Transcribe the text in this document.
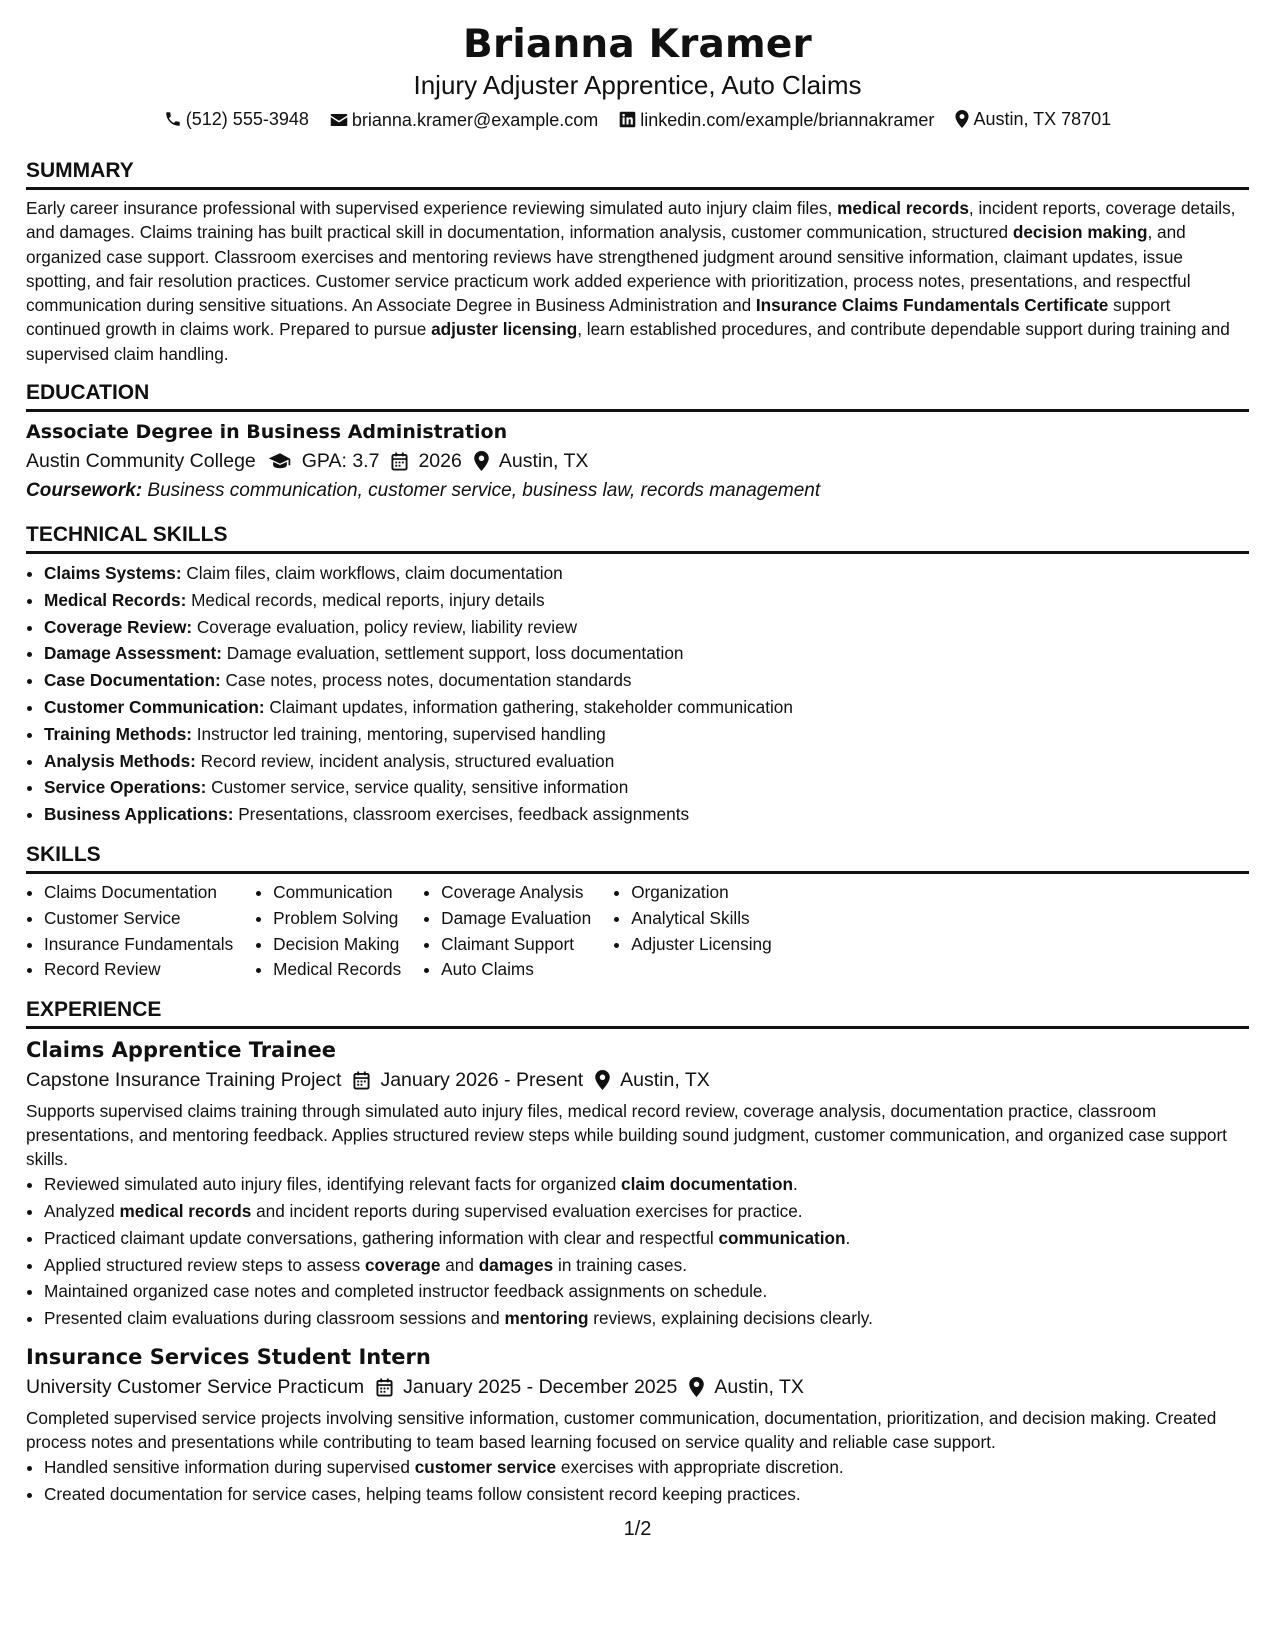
Brianna Kramer
Injury Adjuster Apprentice, Auto Claims
(512) 555-3948
brianna.kramer@example.com
linkedin.com/example/briannakramer
Austin, TX 78701
SUMMARY

Early career insurance professional with supervised experience reviewing simulated auto injury claim files, medical records, incident reports, coverage details, and damages. Claims training has built practical skill in documentation, information analysis, customer communication, structured decision making, and organized case support. Classroom exercises and mentoring reviews have strengthened judgment around sensitive information, claimant updates, issue spotting, and fair resolution practices. Customer service practicum work added experience with prioritization, process notes, presentations, and respectful communication during sensitive situations. An Associate Degree in Business Administration and Insurance Claims Fundamentals Certificate support continued growth in claims work. Prepared to pursue adjuster licensing, learn established procedures, and contribute dependable support during training and supervised claim handling.

EDUCATION
Associate Degree in Business Administration
Austin Community College GPA: 3.7 2026 Austin, TX
Coursework: Business communication, customer service, business law, records management
TECHNICAL SKILLS
• Claims Systems: Claim files, claim workflows, claim documentation
• Medical Records: Medical records, medical reports, injury details
• Coverage Review: Coverage evaluation, policy review, liability review
• Damage Assessment: Damage evaluation, settlement support, loss documentation
• Case Documentation: Case notes, process notes, documentation standards
• Customer Communication: Claimant updates, information gathering, stakeholder communication
• Training Methods: Instructor led training, mentoring, supervised handling
• Analysis Methods: Record review, incident analysis, structured evaluation
• Service Operations: Customer service, service quality, sensitive information
• Business Applications: Presentations, classroom exercises, feedback assignments
SKILLS
• Claims Documentation
• Customer Service
• Insurance Fundamentals
• Record Review
• Communication
• Problem Solving
• Decision Making
• Medical Records
• Coverage Analysis
• Damage Evaluation
• Claimant Support
• Auto Claims
• Organization
• Analytical Skills
• Adjuster Licensing
EXPERIENCE
Claims Apprentice Trainee
Capstone Insurance Training Project January 2026 - Present Austin, TX

Supports supervised claims training through simulated auto injury files, medical record review, coverage analysis, documentation practice, classroom presentations, and mentoring feedback. Applies structured review steps while building sound judgment, customer communication, and organized case support skills.

• Reviewed simulated auto injury files, identifying relevant facts for organized claim documentation.
• Analyzed medical records and incident reports during supervised evaluation exercises for practice.
• Practiced claimant update conversations, gathering information with clear and respectful communication.
• Applied structured review steps to assess coverage and damages in training cases.
• Maintained organized case notes and completed instructor feedback assignments on schedule.
• Presented claim evaluations during classroom sessions and mentoring reviews, explaining decisions clearly.
Insurance Services Student Intern
University Customer Service Practicum January 2025 - December 2025 Austin, TX

Completed supervised service projects involving sensitive information, customer communication, documentation, prioritization, and decision making. Created process notes and presentations while contributing to team based learning focused on service quality and reliable case support.

• Handled sensitive information during supervised customer service exercises with appropriate discretion.
• Created documentation for service cases, helping teams follow consistent record keeping practices.
1/2
